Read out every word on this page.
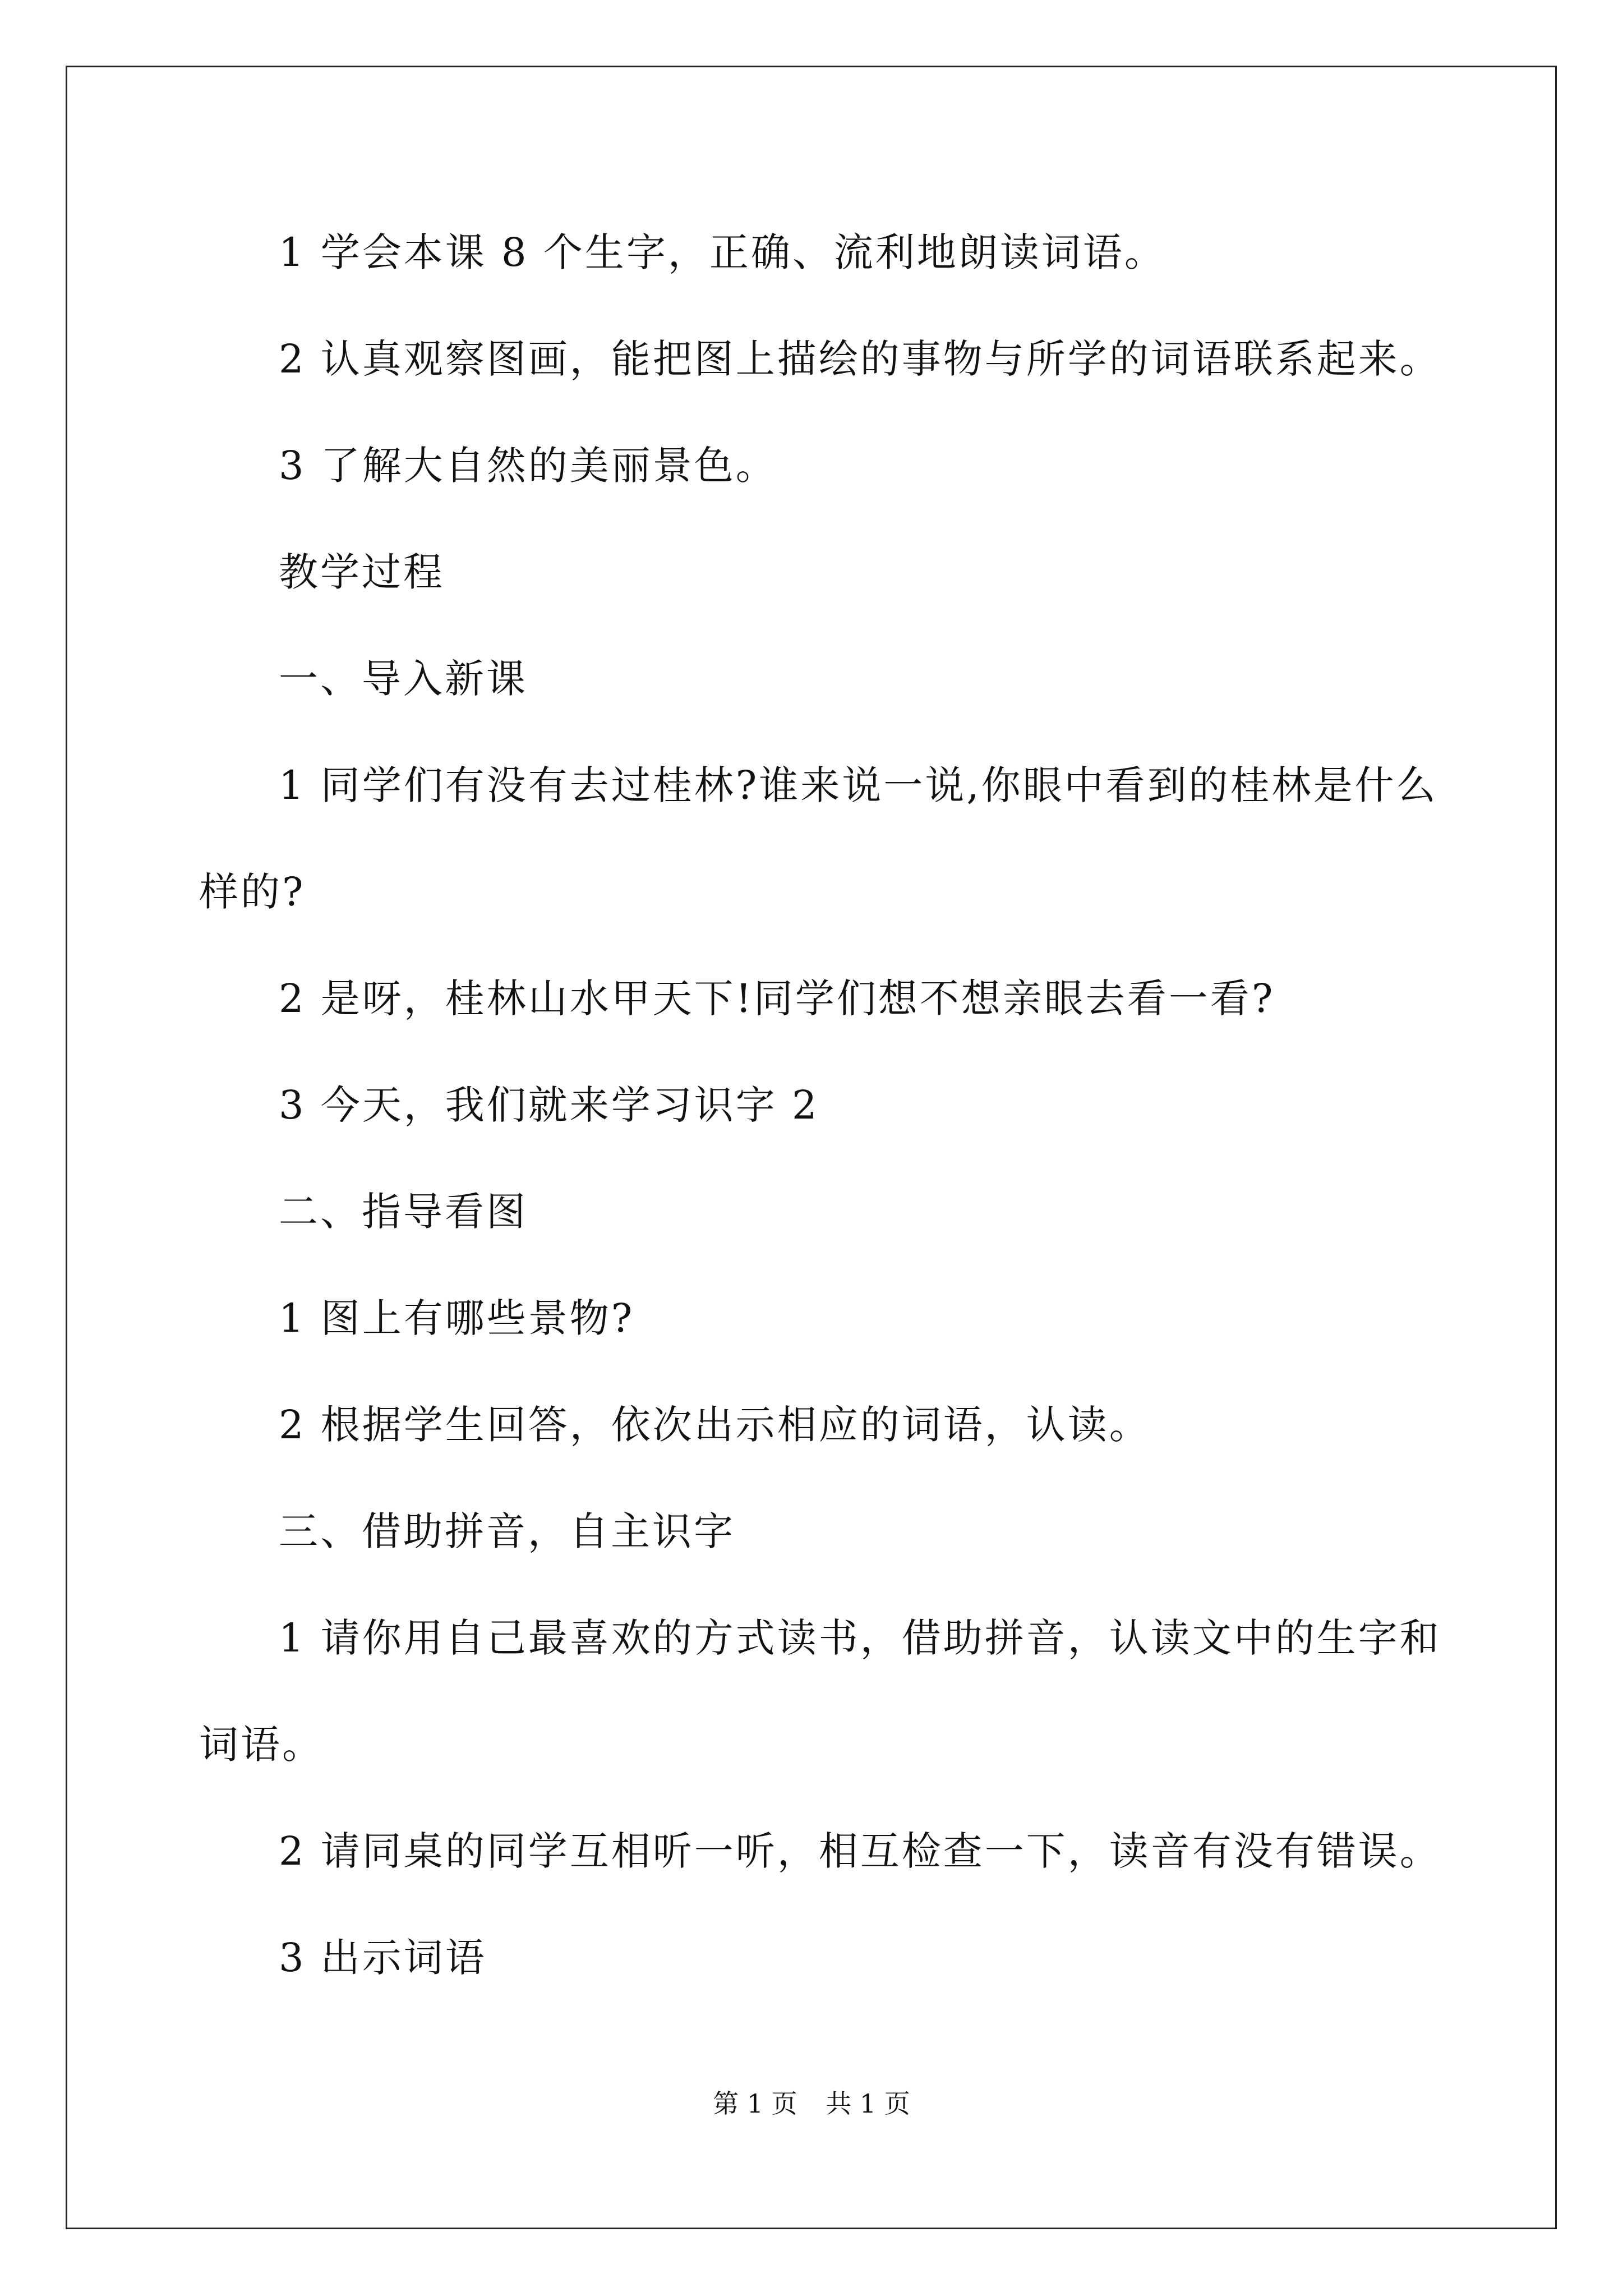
1 学会本课 8 个生字，正确、流利地朗读词语。
2 认真观察图画，能把图上描绘的事物与所学的词语联系起来。
3 了解大自然的美丽景色。
教学过程
一、导入新课
1 同学们有没有去过桂林?谁来说一说,你眼中看到的桂林是什么
样的?
2 是呀，桂林山水甲天下!同学们想不想亲眼去看一看?
3 今天，我们就来学习识字 2
二、指导看图
1 图上有哪些景物?
2 根据学生回答，依次出示相应的词语，认读。
三、借助拼音，自主识字
1 请你用自己最喜欢的方式读书，借助拼音，认读文中的生字和
词语。
2 请同桌的同学互相听一听，相互检查一下，读音有没有错误。
3 出示词语
第 1 页 共 1 页
